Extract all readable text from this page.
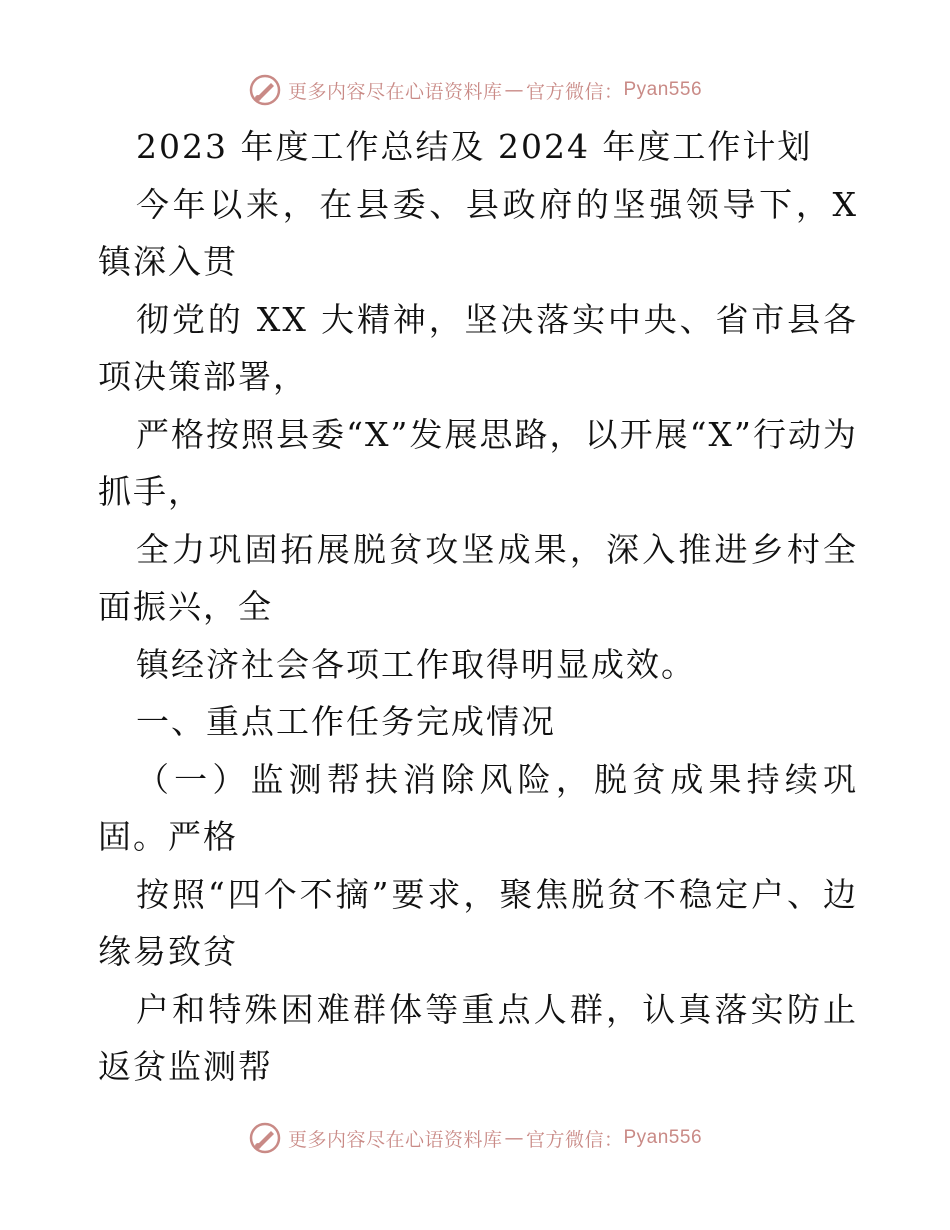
更多内容尽在心语资料库 — 官方微信： Pyan556

2023 年度工作总结及 2024 年度工作计划

今年以来，在县委、县政府的坚强领导下，X 镇深入贯

彻党的 XX 大精神，坚决落实中央、省市县各项决策部署，

严格按照县委“X”发展思路，以开展“X”行动为抓手，

全力巩固拓展脱贫攻坚成果，深入推进乡村全面振兴，全

镇经济社会各项工作取得明显成效。

一、重点工作任务完成情况

（一）监测帮扶消除风险，脱贫成果持续巩固。严格

按照“四个不摘”要求，聚焦脱贫不稳定户、边缘易致贫

户和特殊困难群体等重点人群，认真落实防止返贫监测帮

更多内容尽在心语资料库 — 官方微信： Pyan556
